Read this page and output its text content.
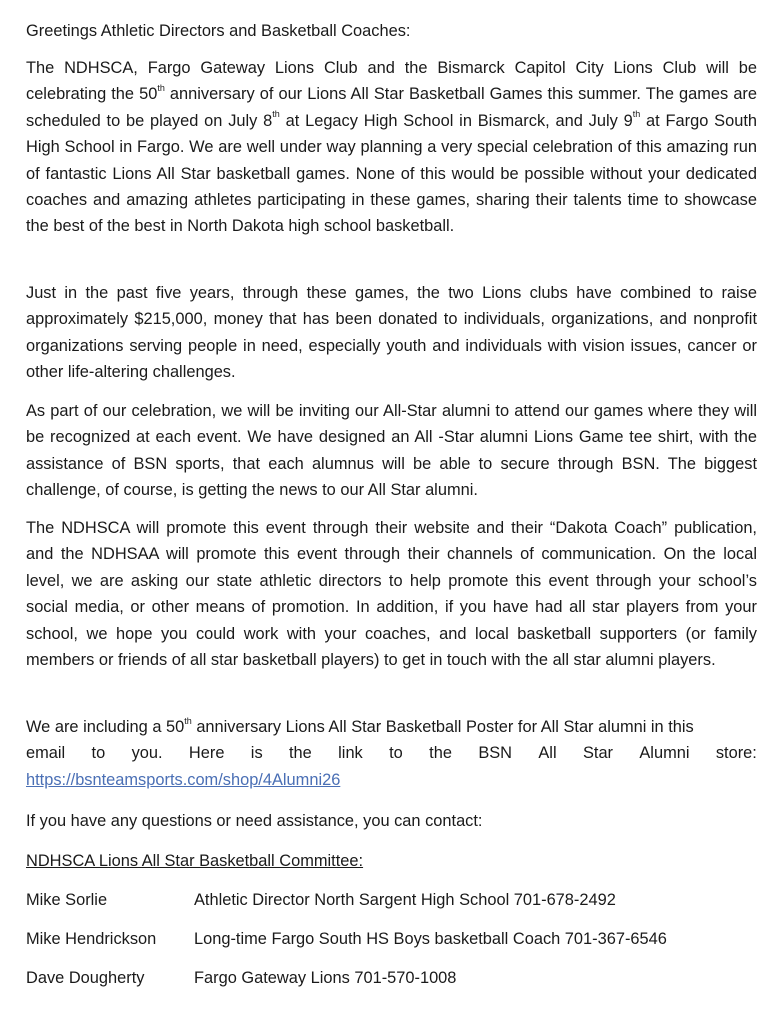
Greetings Athletic Directors and Basketball Coaches:

The NDHSCA, Fargo Gateway Lions Club and the Bismarck Capitol City Lions Club will be celebrating the 50th anniversary of our Lions All Star Basketball Games this summer. The games are scheduled to be played on July 8th at Legacy High School in Bismarck, and July 9th at Fargo South High School in Fargo. We are well under way planning a very special celebration of this amazing run of fantastic Lions All Star basketball games. None of this would be possible without your dedicated coaches and amazing athletes participating in these games, sharing their talents time to showcase the best of the best in North Dakota high school basketball.

Just in the past five years, through these games, the two Lions clubs have combined to raise approximately $215,000, money that has been donated to individuals, organizations, and nonprofit organizations serving people in need, especially youth and individuals with vision issues, cancer or other life-altering challenges.

As part of our celebration, we will be inviting our All-Star alumni to attend our games where they will be recognized at each event. We have designed an All -Star alumni Lions Game tee shirt, with the assistance of BSN sports, that each alumnus will be able to secure through BSN. The biggest challenge, of course, is getting the news to our All Star alumni.

The NDHSCA will promote this event through their website and their “Dakota Coach” publication, and the NDHSAA will promote this event through their channels of communication. On the local level, we are asking our state athletic directors to help promote this event through your school’s social media, or other means of promotion. In addition, if you have had all star players from your school, we hope you could work with your coaches, and local basketball supporters (or family members or friends of all star basketball players) to get in touch with the all star alumni players.

We are including a 50th anniversary Lions All Star Basketball Poster for All Star alumni in this
email to you. Here is the link to the BSN All Star Alumni store:
https://bsnteamsports.com/shop/4Alumni26

If you have any questions or need assistance, you can contact:

NDHSCA Lions All Star Basketball Committee:
Mike Sorlie	Athletic Director North Sargent High School 701-678-2492
Mike Hendrickson Long-time Fargo South HS Boys basketball Coach 701-367-6546
Dave Dougherty	Fargo Gateway Lions 701-570-1008
